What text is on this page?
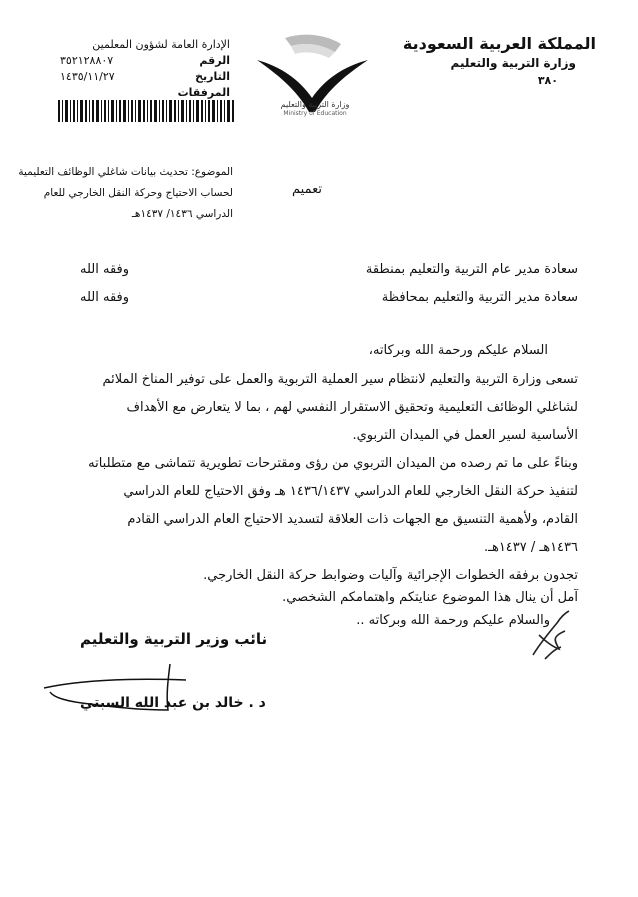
المملكة العربية السعودية
وزارة التربية والتعليم
٣٨٠
الإدارة العامة لشؤون المعلمين
الرقم
٣٥٢١٢٨٨٠٧
التاريخ
١٤٣٥/١١/٢٧
المرفقات
وزارة التربية والتعليم
Ministry of Education
الموضوع: تحديث بيانات شاغلي الوظائف التعليمية
لحساب الاحتياج وحركة النقل الخارجي للعام
الدراسي ١٤٣٦/ ١٤٣٧هـ
تعميم
سعادة مدير عام التربية والتعليم بمنطقة
وفقه الله
سعادة مدير التربية والتعليم بمحافظة
وفقه الله
السلام عليكم ورحمة الله وبركاته،
تسعى وزارة التربية والتعليم لانتظام سير العملية التربوية والعمل على توفير المناخ الملائم
لشاغلي الوظائف التعليمية وتحقيق الاستقرار النفسي لهم ، بما لا يتعارض مع الأهداف
الأساسية لسير العمل في الميدان التربوي.
وبناءً على ما تم رصده من الميدان التربوي من رؤى ومقترحات تطويرية تتماشى مع متطلباته
لتنفيذ حركة النقل الخارجي للعام الدراسي ١٤٣٦/١٤٣٧ هـ وفق الاحتياج للعام الدراسي
القادم، ولأهمية التنسيق مع الجهات ذات العلاقة لتسديد الاحتياج العام الدراسي القادم
١٤٣٦هـ / ١٤٣٧هـ.
تجدون برفقه الخطوات الإجرائية وآليات وضوابط حركة النقل الخارجي.
آمل أن ينال هذا الموضوع عنايتكم واهتمامكم الشخصي.
والسلام عليكم ورحمة الله وبركاته ..
نائب وزير التربية والتعليم
د . خالد بن عبد الله السبتي
